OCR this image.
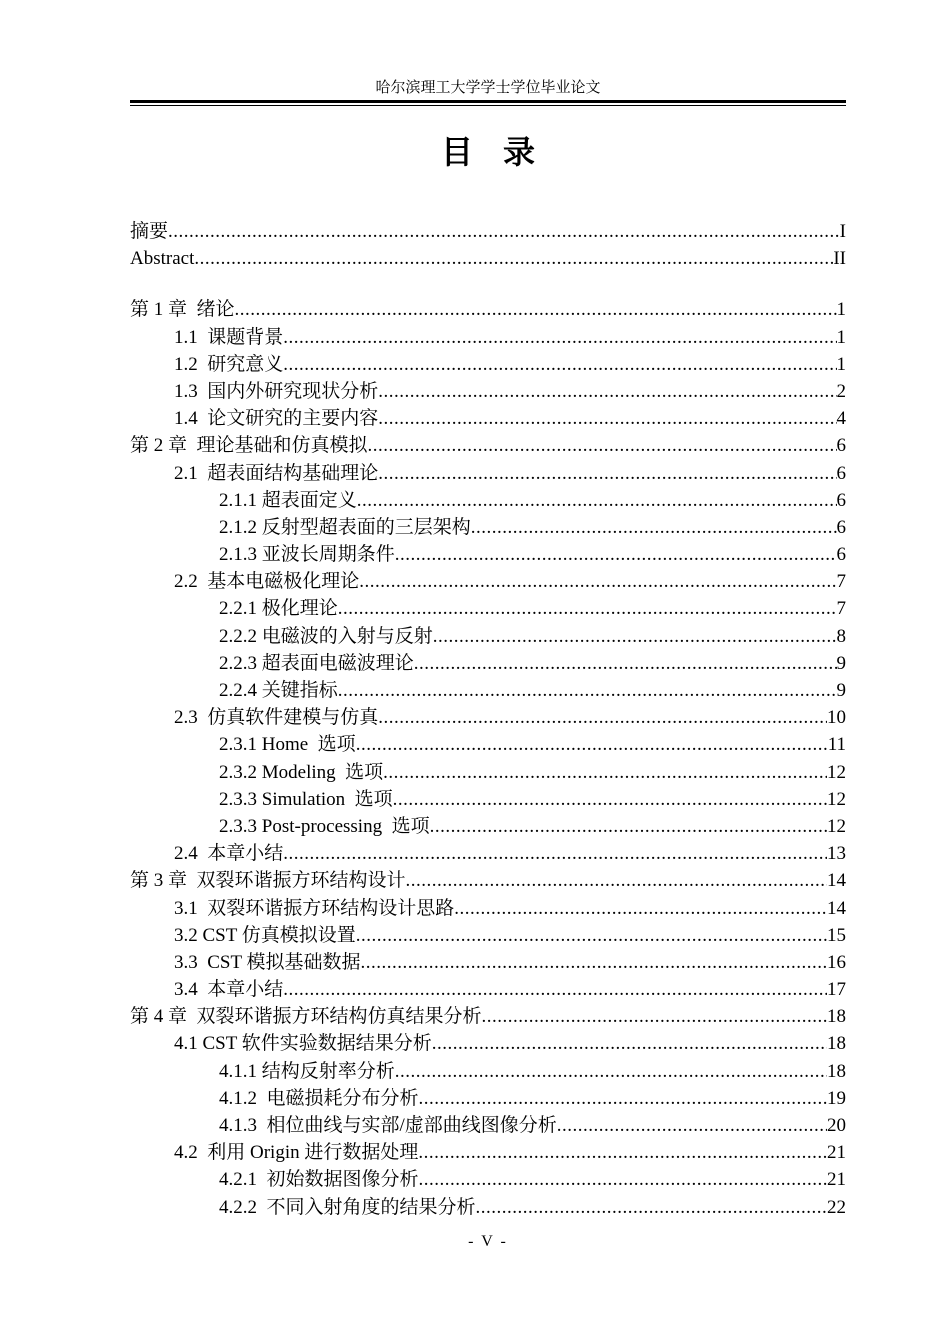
哈尔滨理工大学学士学位毕业论文
目录
摘要 .....	I
Abstract .....	II
第 1 章  绪论 .....	1
1.1  课题背景 .....	1
1.2  研究意义 .....	1
1.3  国内外研究现状分析 .....	2
1.4  论文研究的主要内容 .....	4
第 2 章  理论基础和仿真模拟 .....	6
2.1  超表面结构基础理论 .....	6
2.1.1 超表面定义 .....	6
2.1.2 反射型超表面的三层架构 .....	6
2.1.3 亚波长周期条件 .....	6
2.2  基本电磁极化理论 .....	7
2.2.1 极化理论 .....	7
2.2.2 电磁波的入射与反射 .....	8
2.2.3 超表面电磁波理论 .....	9
2.2.4 关键指标 .....	9
2.3  仿真软件建模与仿真 .....	10
2.3.1 Home  选项 .....	11
2.3.2 Modeling  选项 .....	12
2.3.3 Simulation  选项 .....	12
2.3.3 Post-processing  选项 .....	12
2.4  本章小结 .....	13
第 3 章  双裂环谐振方环结构设计 .....	14
3.1  双裂环谐振方环结构设计思路 .....	14
3.2 CST 仿真模拟设置 .....	15
3.3  CST 模拟基础数据 .....	16
3.4  本章小结 .....	17
第 4 章  双裂环谐振方环结构仿真结果分析 .....	18
4.1 CST 软件实验数据结果分析 .....	18
4.1.1 结构反射率分析 .....	18
4.1.2  电磁损耗分布分析 .....	19
4.1.3  相位曲线与实部/虚部曲线图像分析 .....	20
4.2  利用 Origin 进行数据处理 .....	21
4.2.1  初始数据图像分析 .....	21
4.2.2  不同入射角度的结果分析 .....	22
- V -
